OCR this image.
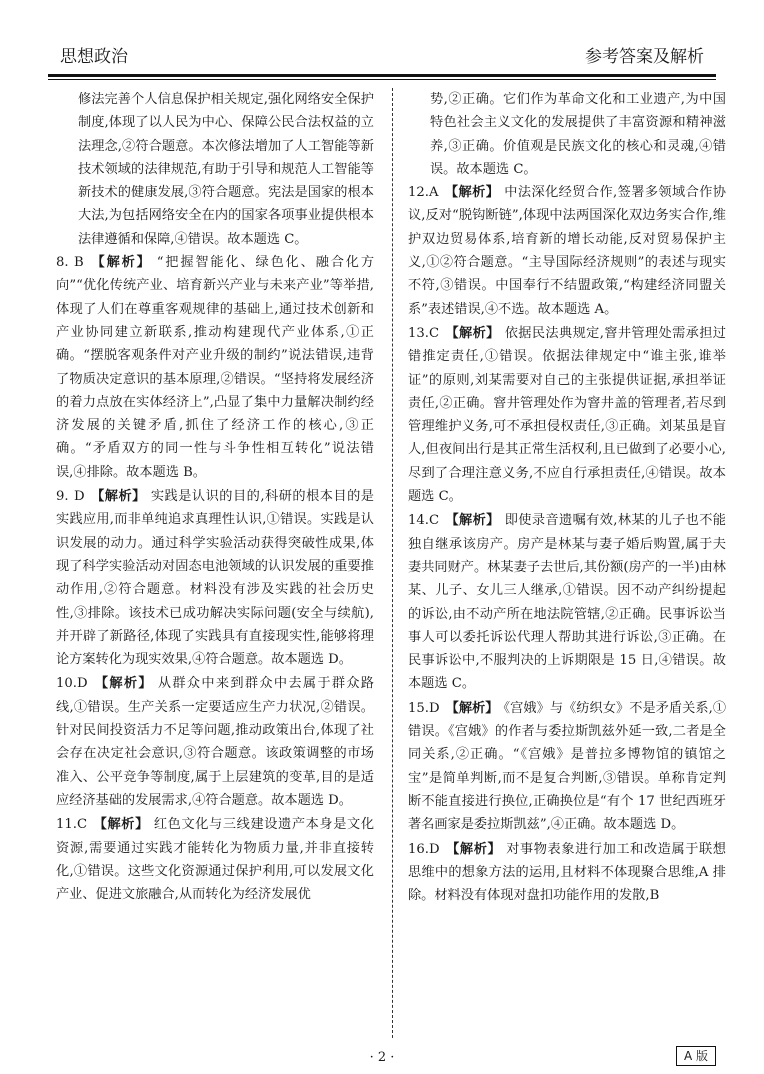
思想政治	参考答案及解析
修法完善个人信息保护相关规定,强化网络安全保护制度,体现了以人民为中心、保障公民合法权益的立法理念,②符合题意。本次修法增加了人工智能等新技术领域的法律规范,有助于引导和规范人工智能等新技术的健康发展,③符合题意。宪法是国家的根本大法,为包括网络安全在内的国家各项事业提供根本法律遵循和保障,④错误。故本题选 C。
8. B 【解析】 “把握智能化、绿色化、融合化方向”“优化传统产业、培育新兴产业与未来产业”等举措,体现了人们在尊重客观规律的基础上,通过技术创新和产业协同建立新联系,推动构建现代产业体系,①正确。“摆脱客观条件对产业升级的制约”说法错误,违背了物质决定意识的基本原理,②错误。“坚持将发展经济的着力点放在实体经济上”,凸显了集中力量解决制约经济发展的关键矛盾,抓住了经济工作的核心,③正确。“矛盾双方的同一性与斗争性相互转化”说法错误,④排除。故本题选 B。
9. D 【解析】 实践是认识的目的,科研的根本目的是实践应用,而非单纯追求真理性认识,①错误。实践是认识发展的动力。通过科学实验活动获得突破性成果,体现了科学实验活动对固态电池领域的认识发展的重要推动作用,②符合题意。材料没有涉及实践的社会历史性,③排除。该技术已成功解决实际问题(安全与续航),并开辟了新路径,体现了实践具有直接现实性,能够将理论方案转化为现实效果,④符合题意。故本题选 D。
10.D 【解析】 从群众中来到群众中去属于群众路线,①错误。生产关系一定要适应生产力状况,②错误。针对民间投资活力不足等问题,推动政策出台,体现了社会存在决定社会意识,③符合题意。该政策调整的市场准入、公平竞争等制度,属于上层建筑的变革,目的是适应经济基础的发展需求,④符合题意。故本题选 D。
11.C 【解析】 红色文化与三线建设遗产本身是文化资源,需要通过实践才能转化为物质力量,并非直接转化,①错误。这些文化资源通过保护利用,可以发展文化产业、促进文旅融合,从而转化为经济发展优
势,②正确。它们作为革命文化和工业遗产,为中国特色社会主义文化的发展提供了丰富资源和精神滋养,③正确。价值观是民族文化的核心和灵魂,④错误。故本题选 C。
12.A 【解析】 中法深化经贸合作,签署多领域合作协议,反对“脱钩断链”,体现中法两国深化双边务实合作,维护双边贸易体系,培育新的增长动能,反对贸易保护主义,①②符合题意。“主导国际经济规则”的表述与现实不符,③错误。中国奉行不结盟政策,“构建经济同盟关系”表述错误,④不选。故本题选 A。
13.C 【解析】 依据民法典规定,窨井管理处需承担过错推定责任,①错误。依据法律规定中“谁主张,谁举证”的原则,刘某需要对自己的主张提供证据,承担举证责任,②正确。窨井管理处作为窨井盖的管理者,若尽到管理维护义务,可不承担侵权责任,③正确。刘某虽是盲人,但夜间出行是其正常生活权利,且已做到了必要小心,尽到了合理注意义务,不应自行承担责任,④错误。故本题选 C。
14.C 【解析】 即使录音遗嘱有效,林某的儿子也不能独自继承该房产。房产是林某与妻子婚后购置,属于夫妻共同财产。林某妻子去世后,其份额(房产的一半)由林某、儿子、女儿三人继承,①错误。因不动产纠纷提起的诉讼,由不动产所在地法院管辖,②正确。民事诉讼当事人可以委托诉讼代理人帮助其进行诉讼,③正确。在民事诉讼中,不服判决的上诉期限是 15 日,④错误。故本题选 C。
15.D 【解析】 《宫娥》与《纺织女》不是矛盾关系,①错误。《宫娥》的作者与委拉斯凯兹外延一致,二者是全同关系,②正确。“《宫娥》是普拉多博物馆的镇馆之宝”是简单判断,而不是复合判断,③错误。单称肯定判断不能直接进行换位,正确换位是“有个 17 世纪西班牙著名画家是委拉斯凯兹”,④正确。故本题选 D。
16.D 【解析】 对事物表象进行加工和改造属于联想思维中的想象方法的运用,且材料不体现聚合思维,A 排除。材料没有体现对盘扣功能作用的发散,B
· 2 ·	A 版
